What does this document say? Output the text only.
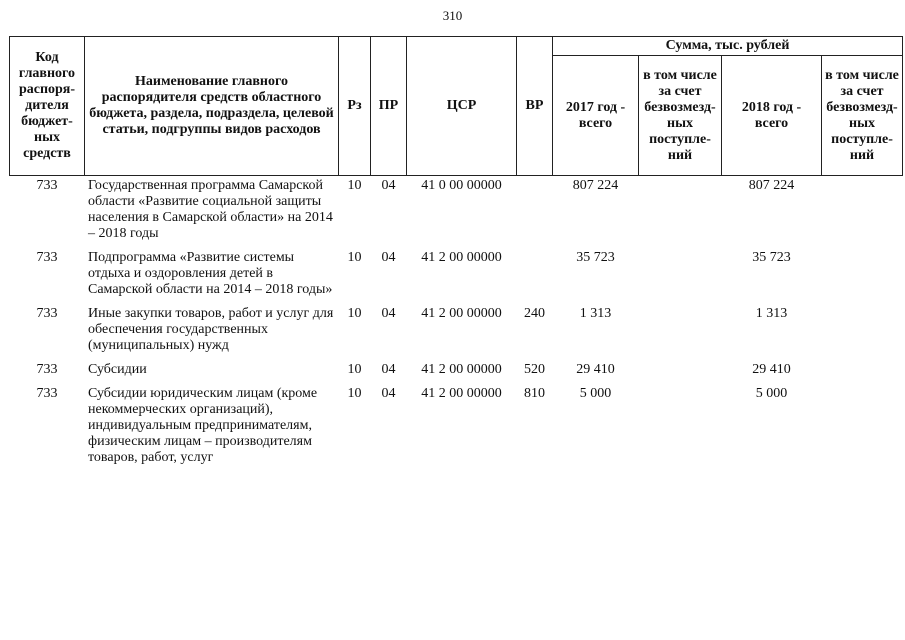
310
Код главного распоря-дителя бюджет-ных средств	Наименование главного распорядителя средств областного бюджета, раздела, подраздела, целевой статьи, подгруппы видов расходов	Рз	ПР	ЦСР	ВР	Сумма, тыс. рублей			
						2017 год - всего	в том числе за счет безвозмезд-ных поступле-ний	2018 год - всего	в том числе за счет безвозмезд-ных поступле-ний
733	Государственная программа Самарской области «Развитие социальной защиты населения в Самарской области» на 2014 – 2018 годы	10	04	41 0 00 00000		807 224		807 224	
733	Подпрограмма «Развитие системы отдыха и оздоровления детей в Самарской области на 2014 – 2018 годы»	10	04	41 2 00 00000		35 723		35 723	
733	Иные закупки товаров, работ и услуг для обеспечения государственных (муниципальных) нужд	10	04	41 2 00 00000	240	1 313		1 313	
733	Субсидии	10	04	41 2 00 00000	520	29 410		29 410	
733	Субсидии юридическим лицам (кроме некоммерческих организаций), индивидуальным предпринимателям, физическим лицам – производителям товаров, работ, услуг	10	04	41 2 00 00000	810	5 000		5 000	
